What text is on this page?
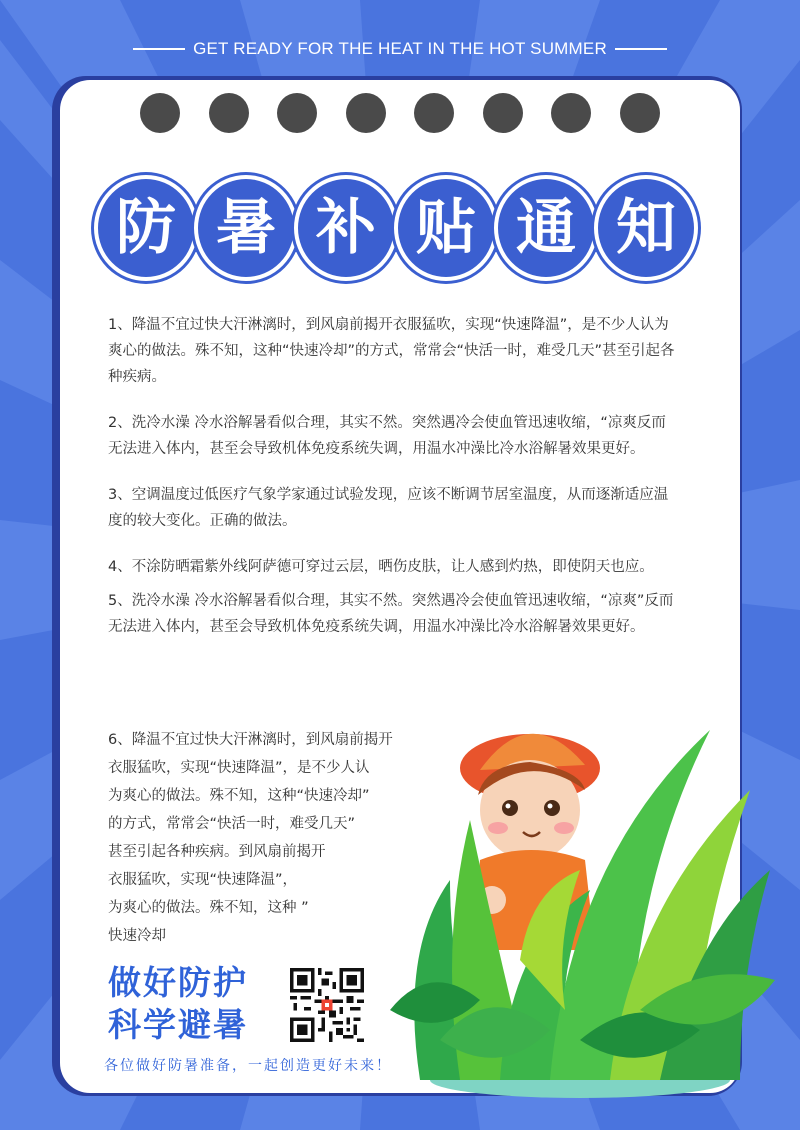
GET READY FOR THE HEAT IN THE HOT SUMMER
防 暑 补 贴 通 知

1、降温不宜过快大汗淋漓时，到风扇前揭开衣服猛吹，实现“快速降温”，是不少人认为爽心的做法。殊不知，这种“快速冷却”的方式，常常会“快活一时，难受几天”甚至引起各种疾病。

2、洗冷水澡 冷水浴解暑看似合理，其实不然。突然遇冷会使血管迅速收缩，“凉爽反而无法进入体内，甚至会导致机体免疫系统失调，用温水冲澡比冷水浴解暑效果更好。

3、空调温度过低医疗气象学家通过试验发现，应该不断调节居室温度，从而逐渐适应温度的较大变化。正确的做法。

4、不涂防晒霜紫外线阿萨德可穿过云层，晒伤皮肤，让人感到灼热，即使阴天也应。

5、洗冷水澡 冷水浴解暑看似合理，其实不然。突然遇冷会使血管迅速收缩，“凉爽”反而无法进入体内，甚至会导致机体免疫系统失调，用温水冲澡比冷水浴解暑效果更好。

6、降温不宜过快大汗淋漓时，到风扇前揭开
衣服猛吹，实现“快速降温”，是不少人认
为爽心的做法。殊不知，这种“快速冷却”
的方式，常常会“快活一时，难受几天”
甚至引起各种疾病。到风扇前揭开
衣服猛吹，实现“快速降温”，
为爽心的做法。殊不知，这种 ”
快速冷却
做好防护
科学避暑
各位做好防暑准备，一起创造更好未来！
